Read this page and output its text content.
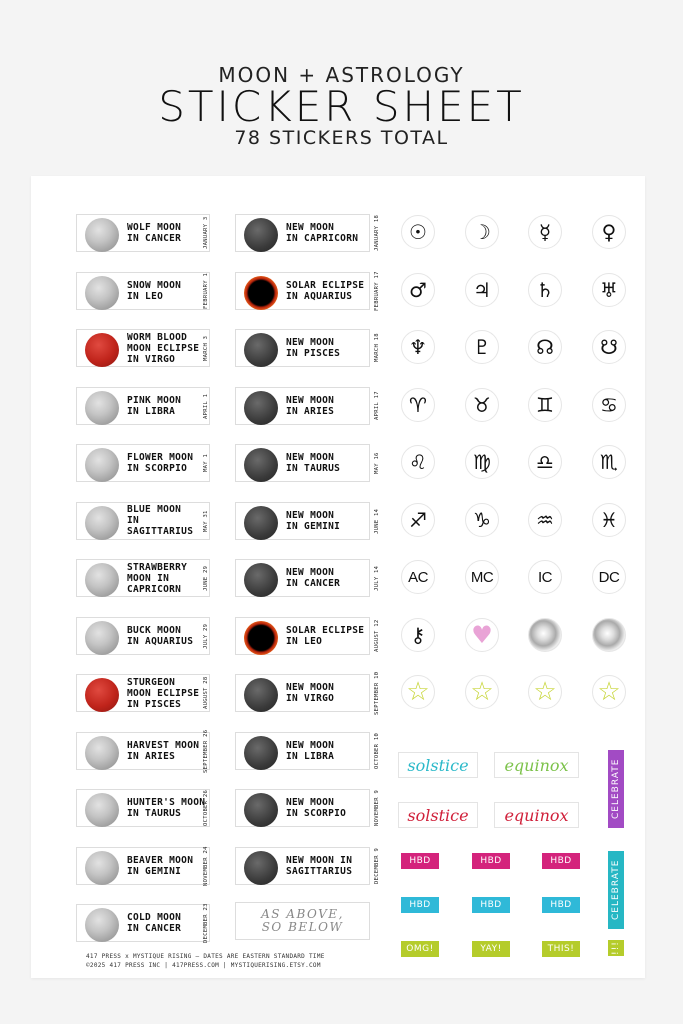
MOON + ASTROLOGY
STICKER SHEET
78 STICKERS TOTAL
AS ABOVE,
SO BELOW
solstice equinox
solstice equinox
HBD	HBD	HBD
HBD	HBD	HBD
OMG!	YAY!	THIS!
CELEBRATE
CELEBRATE
!!!
417 PRESS x MYSTIQUE RISING — DATES ARE EASTERN STANDARD TIME
©2025 417 PRESS INC | 417PRESS.COM | MYSTIQUERISING.ETSY.COM
WOLF MOON
IN CANCER	JANUARY 3
SNOW MOON
IN LEO	FEBRUARY 1
WORM BLOOD
MOON ECLIPSE
IN VIRGO	MARCH 3
PINK MOON
IN LIBRA	APRIL 1
FLOWER MOON
IN SCORPIO	MAY 1
BLUE MOON
IN SAGITTARIUS
MAY 31
STRAWBERRY
MOON IN
CAPRICORN	JUNE 29
BUCK MOON
IN AQUARIUS	JULY 29
STURGEON
MOON ECLIPSE
IN PISCES	AUGUST 28
HARVEST MOON
IN ARIES	SEPTEMBER 26
HUNTER'S MOON
IN TAURUS	OCTOBER 26
BEAVER MOON
IN GEMINI	NOVEMBER 24
COLD MOON
IN CANCER	DECEMBER 23
NEW MOON
IN CAPRICORN	JANUARY 18
SOLAR ECLIPSE
IN AQUARIUS	FEBRUARY 17
NEW MOON
IN PISCES	MARCH 18
NEW MOON
IN ARIES	APRIL 17
NEW MOON
IN TAURUS	MAY 16
NEW MOON
IN GEMINI	JUNE 14
NEW MOON
IN CANCER	JULY 14
SOLAR ECLIPSE
IN LEO	AUGUST 12
NEW MOON
IN VIRGO	SEPTEMBER 10
NEW MOON
IN LIBRA	OCTOBER 10
NEW MOON
IN SCORPIO	NOVEMBER 9
NEW MOON IN
SAGITTARIUS	DECEMBER 9
☉	☽	☿	♀
♂	♃	♄	♅
♆	♇	☊	☋
♈	♉	♊	♋
♌	♍	♎	♏
♐	♑	♒	♓
AC	MC	IC	DC
⚷	♥
☆ ☆ ☆ ☆
